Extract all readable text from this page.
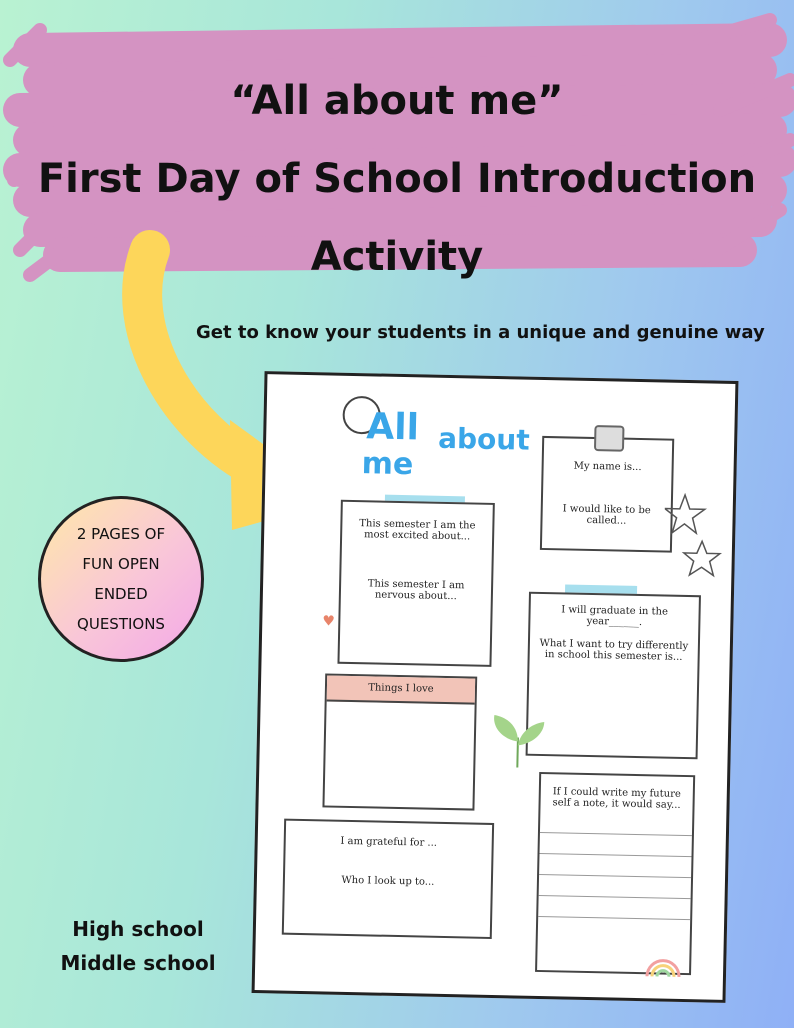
“All about me”
First Day of School Introduction
Activity
Get to know your students in a unique and genuine way
2 PAGES OF
FUN OPEN
ENDED
QUESTIONS
High school
Middle school
All about
me	My name is...

I would like to be called...

This semester I am the most excited about...

This semester I am nervous about...

I will graduate in the year______.

What I want to try differently in school this semester is...

♥
Things I love

I am grateful for ...

Who I look up to...

If I could write my future self a note, it would say...
